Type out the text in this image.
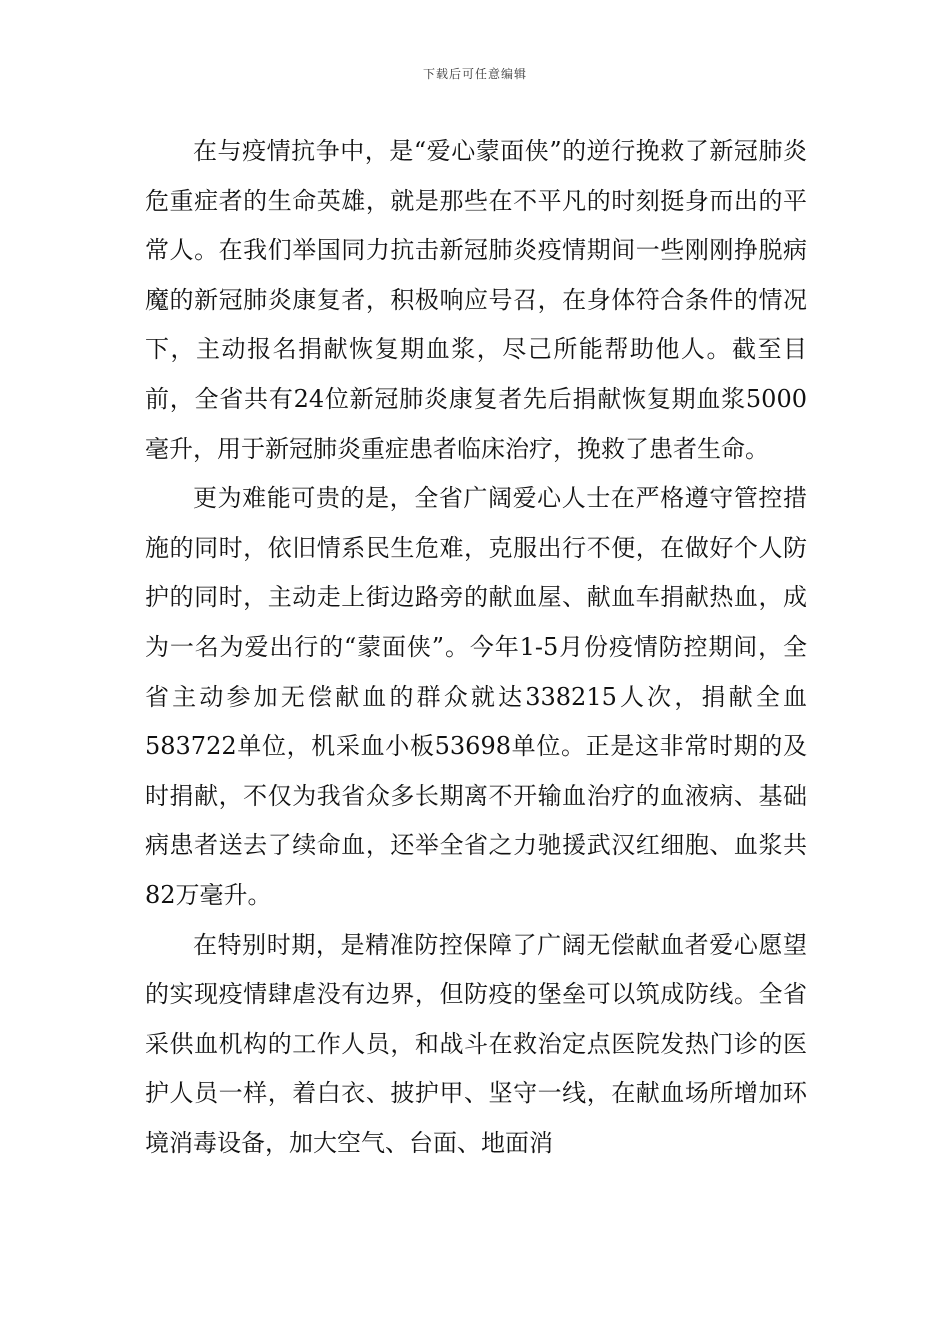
下载后可任意编辑

在与疫情抗争中，是“爱心蒙面侠”的逆行挽救了新冠肺炎危重症者的生命英雄，就是那些在不平凡的时刻挺身而出的平常人。在我们举国同力抗击新冠肺炎疫情期间一些刚刚挣脱病魔的新冠肺炎康复者，积极响应号召，在身体符合条件的情况下，主动报名捐献恢复期血浆，尽己所能帮助他人。截至目前，全省共有24位新冠肺炎康复者先后捐献恢复期血浆5000毫升，用于新冠肺炎重症患者临床治疗，挽救了患者生命。

更为难能可贵的是，全省广阔爱心人士在严格遵守管控措施的同时，依旧情系民生危难，克服出行不便，在做好个人防护的同时，主动走上街边路旁的献血屋、献血车捐献热血，成为一名为爱出行的“蒙面侠”。今年1-5月份疫情防控期间，全省主动参加无偿献血的群众就达338215人次，捐献全血583722单位，机采血小板53698单位。正是这非常时期的及时捐献，不仅为我省众多长期离不开输血治疗的血液病、基础病患者送去了续命血，还举全省之力驰援武汉红细胞、血浆共82万毫升。

在特别时期，是精准防控保障了广阔无偿献血者爱心愿望的实现疫情肆虐没有边界，但防疫的堡垒可以筑成防线。全省采供血机构的工作人员，和战斗在救治定点医院发热门诊的医护人员一样，着白衣、披护甲、坚守一线，在献血场所增加环境消毒设备，加大空气、台面、地面消
